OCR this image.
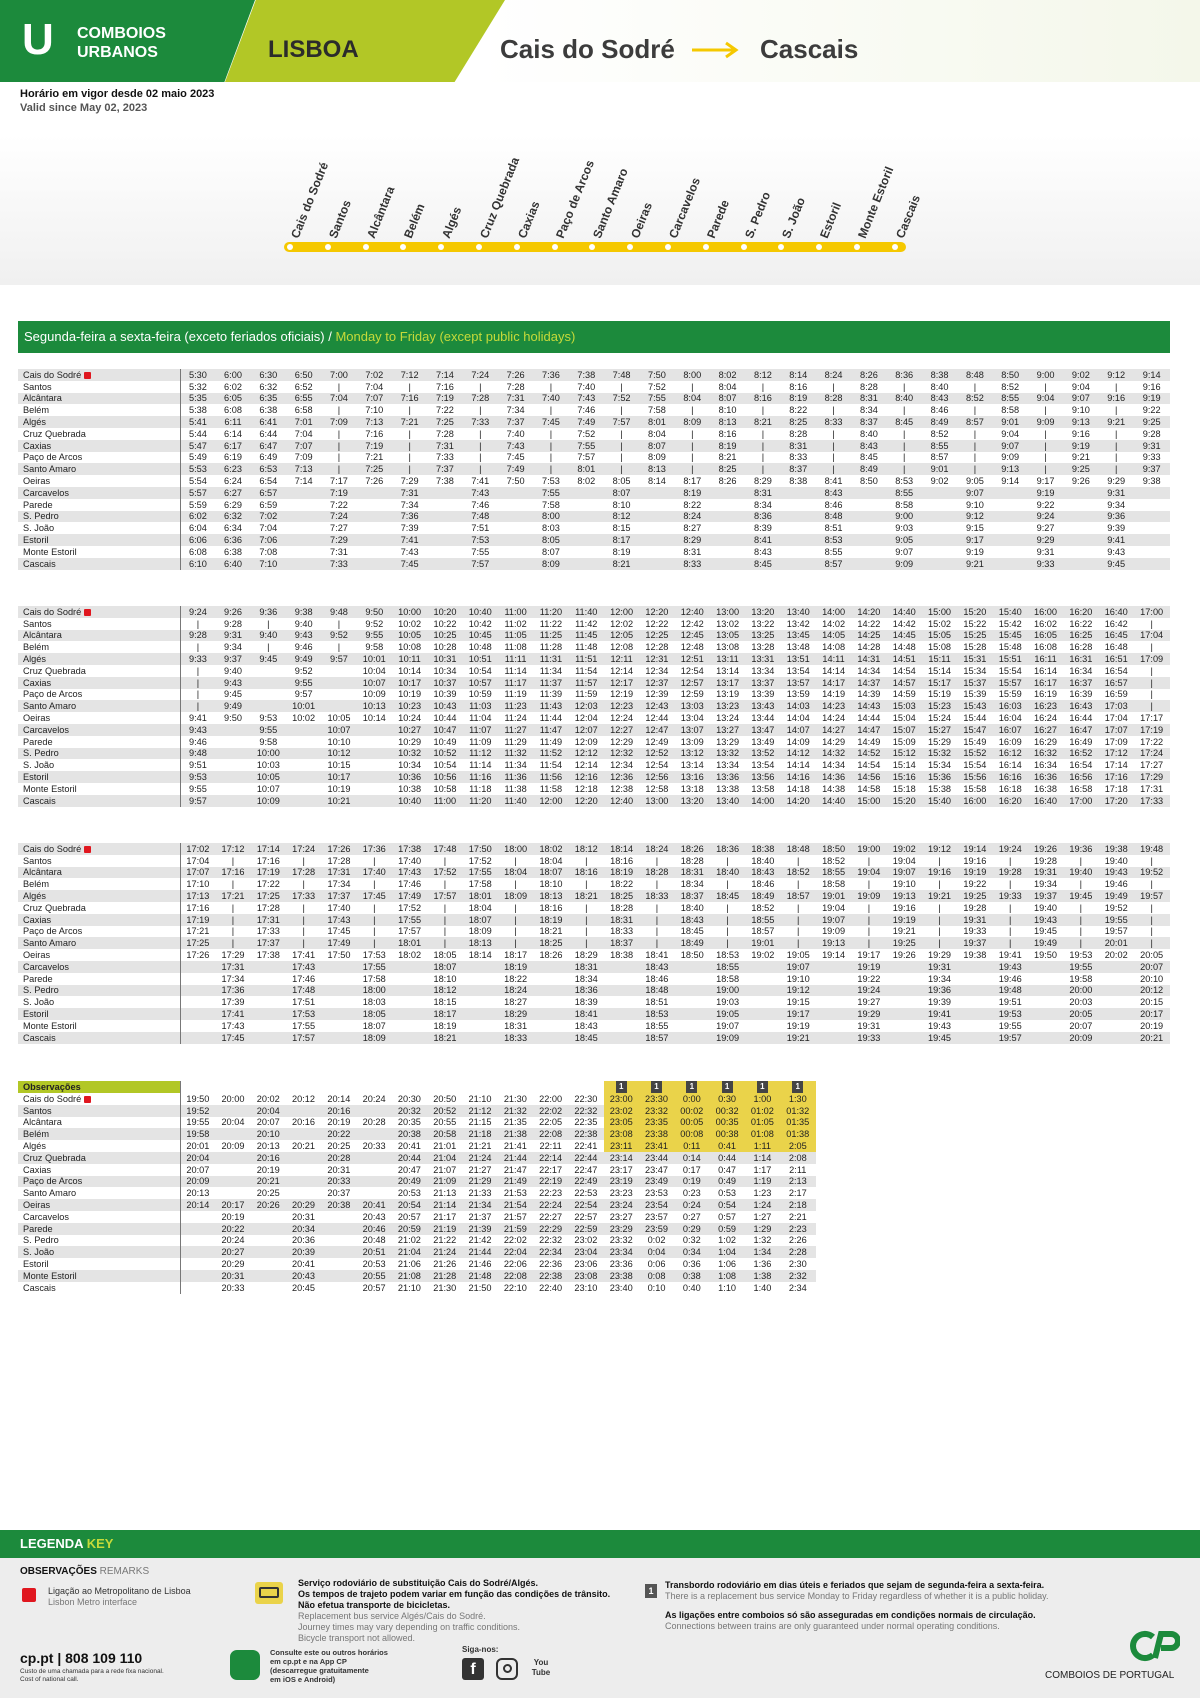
U COMBOIOS
URBANOS	LISBOA	Cais do Sodré	Cascais
Horário em vigor desde 02 maio 2023
Valid since May 02, 2023
Cais do Sodré
Santos Alcântara Belém Algés Cruz Quebrada
Caxias Paço de Arcos
Santo Amaro
Oeiras Carcavelos Parede S. Pedro S. João Estoril Monte Estoril
Cascais
Segunda-feira a sexta-feira (exceto feriados oficiais) / Monday to Friday (except public holidays)
Cais do Sodré	5:30	6:00	6:30	6:50	7:00	7:02	7:12	7:14	7:24	7:26	7:36	7:38	7:48	7:50	8:00	8:02	8:12	8:14	8:24	8:26	8:36	8:38	8:48	8:50	9:00	9:02	9:12	9:14
Santos	5:32	6:02	6:32	6:52	|	7:04	|	7:16	|	7:28	|	7:40	|	7:52	|	8:04	|	8:16	|	8:28	|	8:40	|	8:52	|	9:04	|	9:16
Alcântara	5:35	6:05	6:35	6:55	7:04	7:07	7:16	7:19	7:28	7:31	7:40	7:43	7:52	7:55	8:04	8:07	8:16	8:19	8:28	8:31	8:40	8:43	8:52	8:55	9:04	9:07	9:16	9:19
Belém	5:38	6:08	6:38	6:58	|	7:10	|	7:22	|	7:34	|	7:46	|	7:58	|	8:10	|	8:22	|	8:34	|	8:46	|	8:58	|	9:10	|	9:22
Algés	5:41	6:11	6:41	7:01	7:09	7:13	7:21	7:25	7:33	7:37	7:45	7:49	7:57	8:01	8:09	8:13	8:21	8:25	8:33	8:37	8:45	8:49	8:57	9:01	9:09	9:13	9:21	9:25
Cruz Quebrada	5:44	6:14	6:44	7:04	|	7:16	|	7:28	|	7:40	|	7:52	|	8:04	|	8:16	|	8:28	|	8:40	|	8:52	|	9:04	|	9:16	|	9:28
Caxias	5:47	6:17	6:47	7:07	|	7:19	|	7:31	|	7:43	|	7:55	|	8:07	|	8:19	|	8:31	|	8:43	|	8:55	|	9:07	|	9:19	|	9:31
Paço de Arcos	5:49	6:19	6:49	7:09	|	7:21	|	7:33	|	7:45	|	7:57	|	8:09	|	8:21	|	8:33	|	8:45	|	8:57	|	9:09	|	9:21	|	9:33
Santo Amaro	5:53	6:23	6:53	7:13	|	7:25	|	7:37	|	7:49	|	8:01	|	8:13	|	8:25	|	8:37	|	8:49	|	9:01	|	9:13	|	9:25	|	9:37
Oeiras	5:54	6:24	6:54	7:14	7:17	7:26	7:29	7:38	7:41	7:50	7:53	8:02	8:05	8:14	8:17	8:26	8:29	8:38	8:41	8:50	8:53	9:02	9:05	9:14	9:17	9:26	9:29	9:38
Carcavelos	5:57	6:27	6:57		7:19		7:31		7:43		7:55		8:07		8:19		8:31		8:43		8:55		9:07		9:19		9:31	
Parede	5:59	6:29	6:59		7:22		7:34		7:46		7:58		8:10		8:22		8:34		8:46		8:58		9:10		9:22		9:34	
S. Pedro	6:02	6:32	7:02		7:24		7:36		7:48		8:00		8:12		8:24		8:36		8:48		9:00		9:12		9:24		9:36	
S. João	6:04	6:34	7:04		7:27		7:39		7:51		8:03		8:15		8:27		8:39		8:51		9:03		9:15		9:27		9:39	
Estoril	6:06	6:36	7:06		7:29		7:41		7:53		8:05		8:17		8:29		8:41		8:53		9:05		9:17		9:29		9:41	
Monte Estoril	6:08	6:38	7:08		7:31		7:43		7:55		8:07		8:19		8:31		8:43		8:55		9:07		9:19		9:31		9:43	
Cascais	6:10	6:40	7:10		7:33		7:45		7:57		8:09		8:21		8:33		8:45		8:57		9:09		9:21		9:33		9:45	
Cais do Sodré	9:24	9:26	9:36	9:38	9:48	9:50	10:00	10:20	10:40	11:00	11:20	11:40	12:00	12:20	12:40	13:00	13:20	13:40	14:00	14:20	14:40	15:00	15:20	15:40	16:00	16:20	16:40	17:00
Santos	|	9:28	|	9:40	|	9:52	10:02	10:22	10:42	11:02	11:22	11:42	12:02	12:22	12:42	13:02	13:22	13:42	14:02	14:22	14:42	15:02	15:22	15:42	16:02	16:22	16:42	|
Alcântara	9:28	9:31	9:40	9:43	9:52	9:55	10:05	10:25	10:45	11:05	11:25	11:45	12:05	12:25	12:45	13:05	13:25	13:45	14:05	14:25	14:45	15:05	15:25	15:45	16:05	16:25	16:45	17:04
Belém	|	9:34	|	9:46	|	9:58	10:08	10:28	10:48	11:08	11:28	11:48	12:08	12:28	12:48	13:08	13:28	13:48	14:08	14:28	14:48	15:08	15:28	15:48	16:08	16:28	16:48	|
Algés	9:33	9:37	9:45	9:49	9:57	10:01	10:11	10:31	10:51	11:11	11:31	11:51	12:11	12:31	12:51	13:11	13:31	13:51	14:11	14:31	14:51	15:11	15:31	15:51	16:11	16:31	16:51	17:09
Cruz Quebrada	|	9:40		9:52		10:04	10:14	10:34	10:54	11:14	11:34	11:54	12:14	12:34	12:54	13:14	13:34	13:54	14:14	14:34	14:54	15:14	15:34	15:54	16:14	16:34	16:54	|
Caxias	|	9:43		9:55		10:07	10:17	10:37	10:57	11:17	11:37	11:57	12:17	12:37	12:57	13:17	13:37	13:57	14:17	14:37	14:57	15:17	15:37	15:57	16:17	16:37	16:57	|
Paço de Arcos	|	9:45		9:57		10:09	10:19	10:39	10:59	11:19	11:39	11:59	12:19	12:39	12:59	13:19	13:39	13:59	14:19	14:39	14:59	15:19	15:39	15:59	16:19	16:39	16:59	|
Santo Amaro	|	9:49		10:01		10:13	10:23	10:43	11:03	11:23	11:43	12:03	12:23	12:43	13:03	13:23	13:43	14:03	14:23	14:43	15:03	15:23	15:43	16:03	16:23	16:43	17:03	|
Oeiras	9:41	9:50	9:53	10:02	10:05	10:14	10:24	10:44	11:04	11:24	11:44	12:04	12:24	12:44	13:04	13:24	13:44	14:04	14:24	14:44	15:04	15:24	15:44	16:04	16:24	16:44	17:04	17:17
Carcavelos	9:43		9:55		10:07		10:27	10:47	11:07	11:27	11:47	12:07	12:27	12:47	13:07	13:27	13:47	14:07	14:27	14:47	15:07	15:27	15:47	16:07	16:27	16:47	17:07	17:19
Parede	9:46		9:58		10:10		10:29	10:49	11:09	11:29	11:49	12:09	12:29	12:49	13:09	13:29	13:49	14:09	14:29	14:49	15:09	15:29	15:49	16:09	16:29	16:49	17:09	17:22
S. Pedro	9:48		10:00		10:12		10:32	10:52	11:12	11:32	11:52	12:12	12:32	12:52	13:12	13:32	13:52	14:12	14:32	14:52	15:12	15:32	15:52	16:12	16:32	16:52	17:12	17:24
S. João	9:51		10:03		10:15		10:34	10:54	11:14	11:34	11:54	12:14	12:34	12:54	13:14	13:34	13:54	14:14	14:34	14:54	15:14	15:34	15:54	16:14	16:34	16:54	17:14	17:27
Estoril	9:53		10:05		10:17		10:36	10:56	11:16	11:36	11:56	12:16	12:36	12:56	13:16	13:36	13:56	14:16	14:36	14:56	15:16	15:36	15:56	16:16	16:36	16:56	17:16	17:29
Monte Estoril	9:55		10:07		10:19		10:38	10:58	11:18	11:38	11:58	12:18	12:38	12:58	13:18	13:38	13:58	14:18	14:38	14:58	15:18	15:38	15:58	16:18	16:38	16:58	17:18	17:31
Cascais	9:57		10:09		10:21		10:40	11:00	11:20	11:40	12:00	12:20	12:40	13:00	13:20	13:40	14:00	14:20	14:40	15:00	15:20	15:40	16:00	16:20	16:40	17:00	17:20	17:33
Cais do Sodré	17:02	17:12	17:14	17:24	17:26	17:36	17:38	17:48	17:50	18:00	18:02	18:12	18:14	18:24	18:26	18:36	18:38	18:48	18:50	19:00	19:02	19:12	19:14	19:24	19:26	19:36	19:38	19:48
Santos	17:04	|	17:16	|	17:28	|	17:40	|	17:52	|	18:04	|	18:16	|	18:28	|	18:40	|	18:52	|	19:04	|	19:16	|	19:28	|	19:40	|
Alcântara	17:07	17:16	17:19	17:28	17:31	17:40	17:43	17:52	17:55	18:04	18:07	18:16	18:19	18:28	18:31	18:40	18:43	18:52	18:55	19:04	19:07	19:16	19:19	19:28	19:31	19:40	19:43	19:52
Belém	17:10	|	17:22	|	17:34	|	17:46	|	17:58	|	18:10	|	18:22	|	18:34	|	18:46	|	18:58	|	19:10	|	19:22	|	19:34	|	19:46	|
Algés	17:13	17:21	17:25	17:33	17:37	17:45	17:49	17:57	18:01	18:09	18:13	18:21	18:25	18:33	18:37	18:45	18:49	18:57	19:01	19:09	19:13	19:21	19:25	19:33	19:37	19:45	19:49	19:57
Cruz Quebrada	17:16	|	17:28	|	17:40	|	17:52	|	18:04	|	18:16	|	18:28	|	18:40	|	18:52	|	19:04	|	19:16	|	19:28	|	19:40	|	19:52	|
Caxias	17:19	|	17:31	|	17:43	|	17:55	|	18:07	|	18:19	|	18:31	|	18:43	|	18:55	|	19:07	|	19:19	|	19:31	|	19:43	|	19:55	|
Paço de Arcos	17:21	|	17:33	|	17:45	|	17:57	|	18:09	|	18:21	|	18:33	|	18:45	|	18:57	|	19:09	|	19:21	|	19:33	|	19:45	|	19:57	|
Santo Amaro	17:25	|	17:37	|	17:49	|	18:01	|	18:13	|	18:25	|	18:37	|	18:49	|	19:01	|	19:13	|	19:25	|	19:37	|	19:49	|	20:01	|
Oeiras	17:26	17:29	17:38	17:41	17:50	17:53	18:02	18:05	18:14	18:17	18:26	18:29	18:38	18:41	18:50	18:53	19:02	19:05	19:14	19:17	19:26	19:29	19:38	19:41	19:50	19:53	20:02	20:05
Carcavelos		17:31		17:43		17:55		18:07		18:19		18:31		18:43		18:55		19:07		19:19		19:31		19:43		19:55		20:07
Parede		17:34		17:46		17:58		18:10		18:22		18:34		18:46		18:58		19:10		19:22		19:34		19:46		19:58		20:10
S. Pedro		17:36		17:48		18:00		18:12		18:24		18:36		18:48		19:00		19:12		19:24		19:36		19:48		20:00		20:12
S. João		17:39		17:51		18:03		18:15		18:27		18:39		18:51		19:03		19:15		19:27		19:39		19:51		20:03		20:15
Estoril		17:41		17:53		18:05		18:17		18:29		18:41		18:53		19:05		19:17		19:29		19:41		19:53		20:05		20:17
Monte Estoril		17:43		17:55		18:07		18:19		18:31		18:43		18:55		19:07		19:19		19:31		19:43		19:55		20:07		20:19
Cascais		17:45		17:57		18:09		18:21		18:33		18:45		18:57		19:09		19:21		19:33		19:45		19:57		20:09		20:21
Observações													1	1	1	1	1	1
Cais do Sodré	19:50	20:00	20:02	20:12	20:14	20:24	20:30	20:50	21:10	21:30	22:00	22:30	23:00	23:30	0:00	0:30	1:00	1:30
Santos	19:52		20:04		20:16		20:32	20:52	21:12	21:32	22:02	22:32	23:02	23:32	00:02	00:32	01:02	01:32
Alcântara	19:55	20:04	20:07	20:16	20:19	20:28	20:35	20:55	21:15	21:35	22:05	22:35	23:05	23:35	00:05	00:35	01:05	01:35
Belém	19:58		20:10		20:22		20:38	20:58	21:18	21:38	22:08	22:38	23:08	23:38	00:08	00:38	01:08	01:38
Algés	20:01	20:09	20:13	20:21	20:25	20:33	20:41	21:01	21:21	21:41	22:11	22:41	23:11	23:41	0:11	0:41	1:11	2:05
Cruz Quebrada	20:04		20:16		20:28		20:44	21:04	21:24	21:44	22:14	22:44	23:14	23:44	0:14	0:44	1:14	2:08
Caxias	20:07		20:19		20:31		20:47	21:07	21:27	21:47	22:17	22:47	23:17	23:47	0:17	0:47	1:17	2:11
Paço de Arcos	20:09		20:21		20:33		20:49	21:09	21:29	21:49	22:19	22:49	23:19	23:49	0:19	0:49	1:19	2:13
Santo Amaro	20:13		20:25		20:37		20:53	21:13	21:33	21:53	22:23	22:53	23:23	23:53	0:23	0:53	1:23	2:17
Oeiras	20:14	20:17	20:26	20:29	20:38	20:41	20:54	21:14	21:34	21:54	22:24	22:54	23:24	23:54	0:24	0:54	1:24	2:18
Carcavelos		20:19		20:31		20:43	20:57	21:17	21:37	21:57	22:27	22:57	23:27	23:57	0:27	0:57	1:27	2:21
Parede		20:22		20:34		20:46	20:59	21:19	21:39	21:59	22:29	22:59	23:29	23:59	0:29	0:59	1:29	2:23
S. Pedro		20:24		20:36		20:48	21:02	21:22	21:42	22:02	22:32	23:02	23:32	0:02	0:32	1:02	1:32	2:26
S. João		20:27		20:39		20:51	21:04	21:24	21:44	22:04	22:34	23:04	23:34	0:04	0:34	1:04	1:34	2:28
Estoril		20:29		20:41		20:53	21:06	21:26	21:46	22:06	22:36	23:06	23:36	0:06	0:36	1:06	1:36	2:30
Monte Estoril		20:31		20:43		20:55	21:08	21:28	21:48	22:08	22:38	23:08	23:38	0:08	0:38	1:08	1:38	2:32
Cascais		20:33		20:45		20:57	21:10	21:30	21:50	22:10	22:40	23:10	23:40	0:10	0:40	1:10	1:40	2:34
LEGENDA KEY
OBSERVAÇÕES REMARKS
Ligação ao Metropolitano de Lisboa
Lisbon Metro interface
Serviço rodoviário de substituição Cais do Sodré/Algés.
Os tempos de trajeto podem variar em função das condições de trânsito.
Não efetua transporte de bicicletas.
Replacement bus service Algés/Cais do Sodré.
Journey times may vary depending on traffic conditions.
Bicycle transport not allowed.
1
Transbordo rodoviário em dias úteis e feriados que sejam de segunda-feira a sexta-feira.
There is a replacement bus service Monday to Friday regardless of whether it is a public holiday.
As ligações entre comboios só são asseguradas em condições normais de circulação.
Connections between trains are only guaranteed under normal operating conditions.
cp.pt | 808 109 110
Custo de uma chamada para a rede fixa nacional.
Cost of national call.
Consulte este ou outros horários
em cp.pt e na App CP
(descarregue gratuitamente
em iOS e Android)
Siga-nos:
f	You Tube	COMBOIOS DE PORTUGAL
